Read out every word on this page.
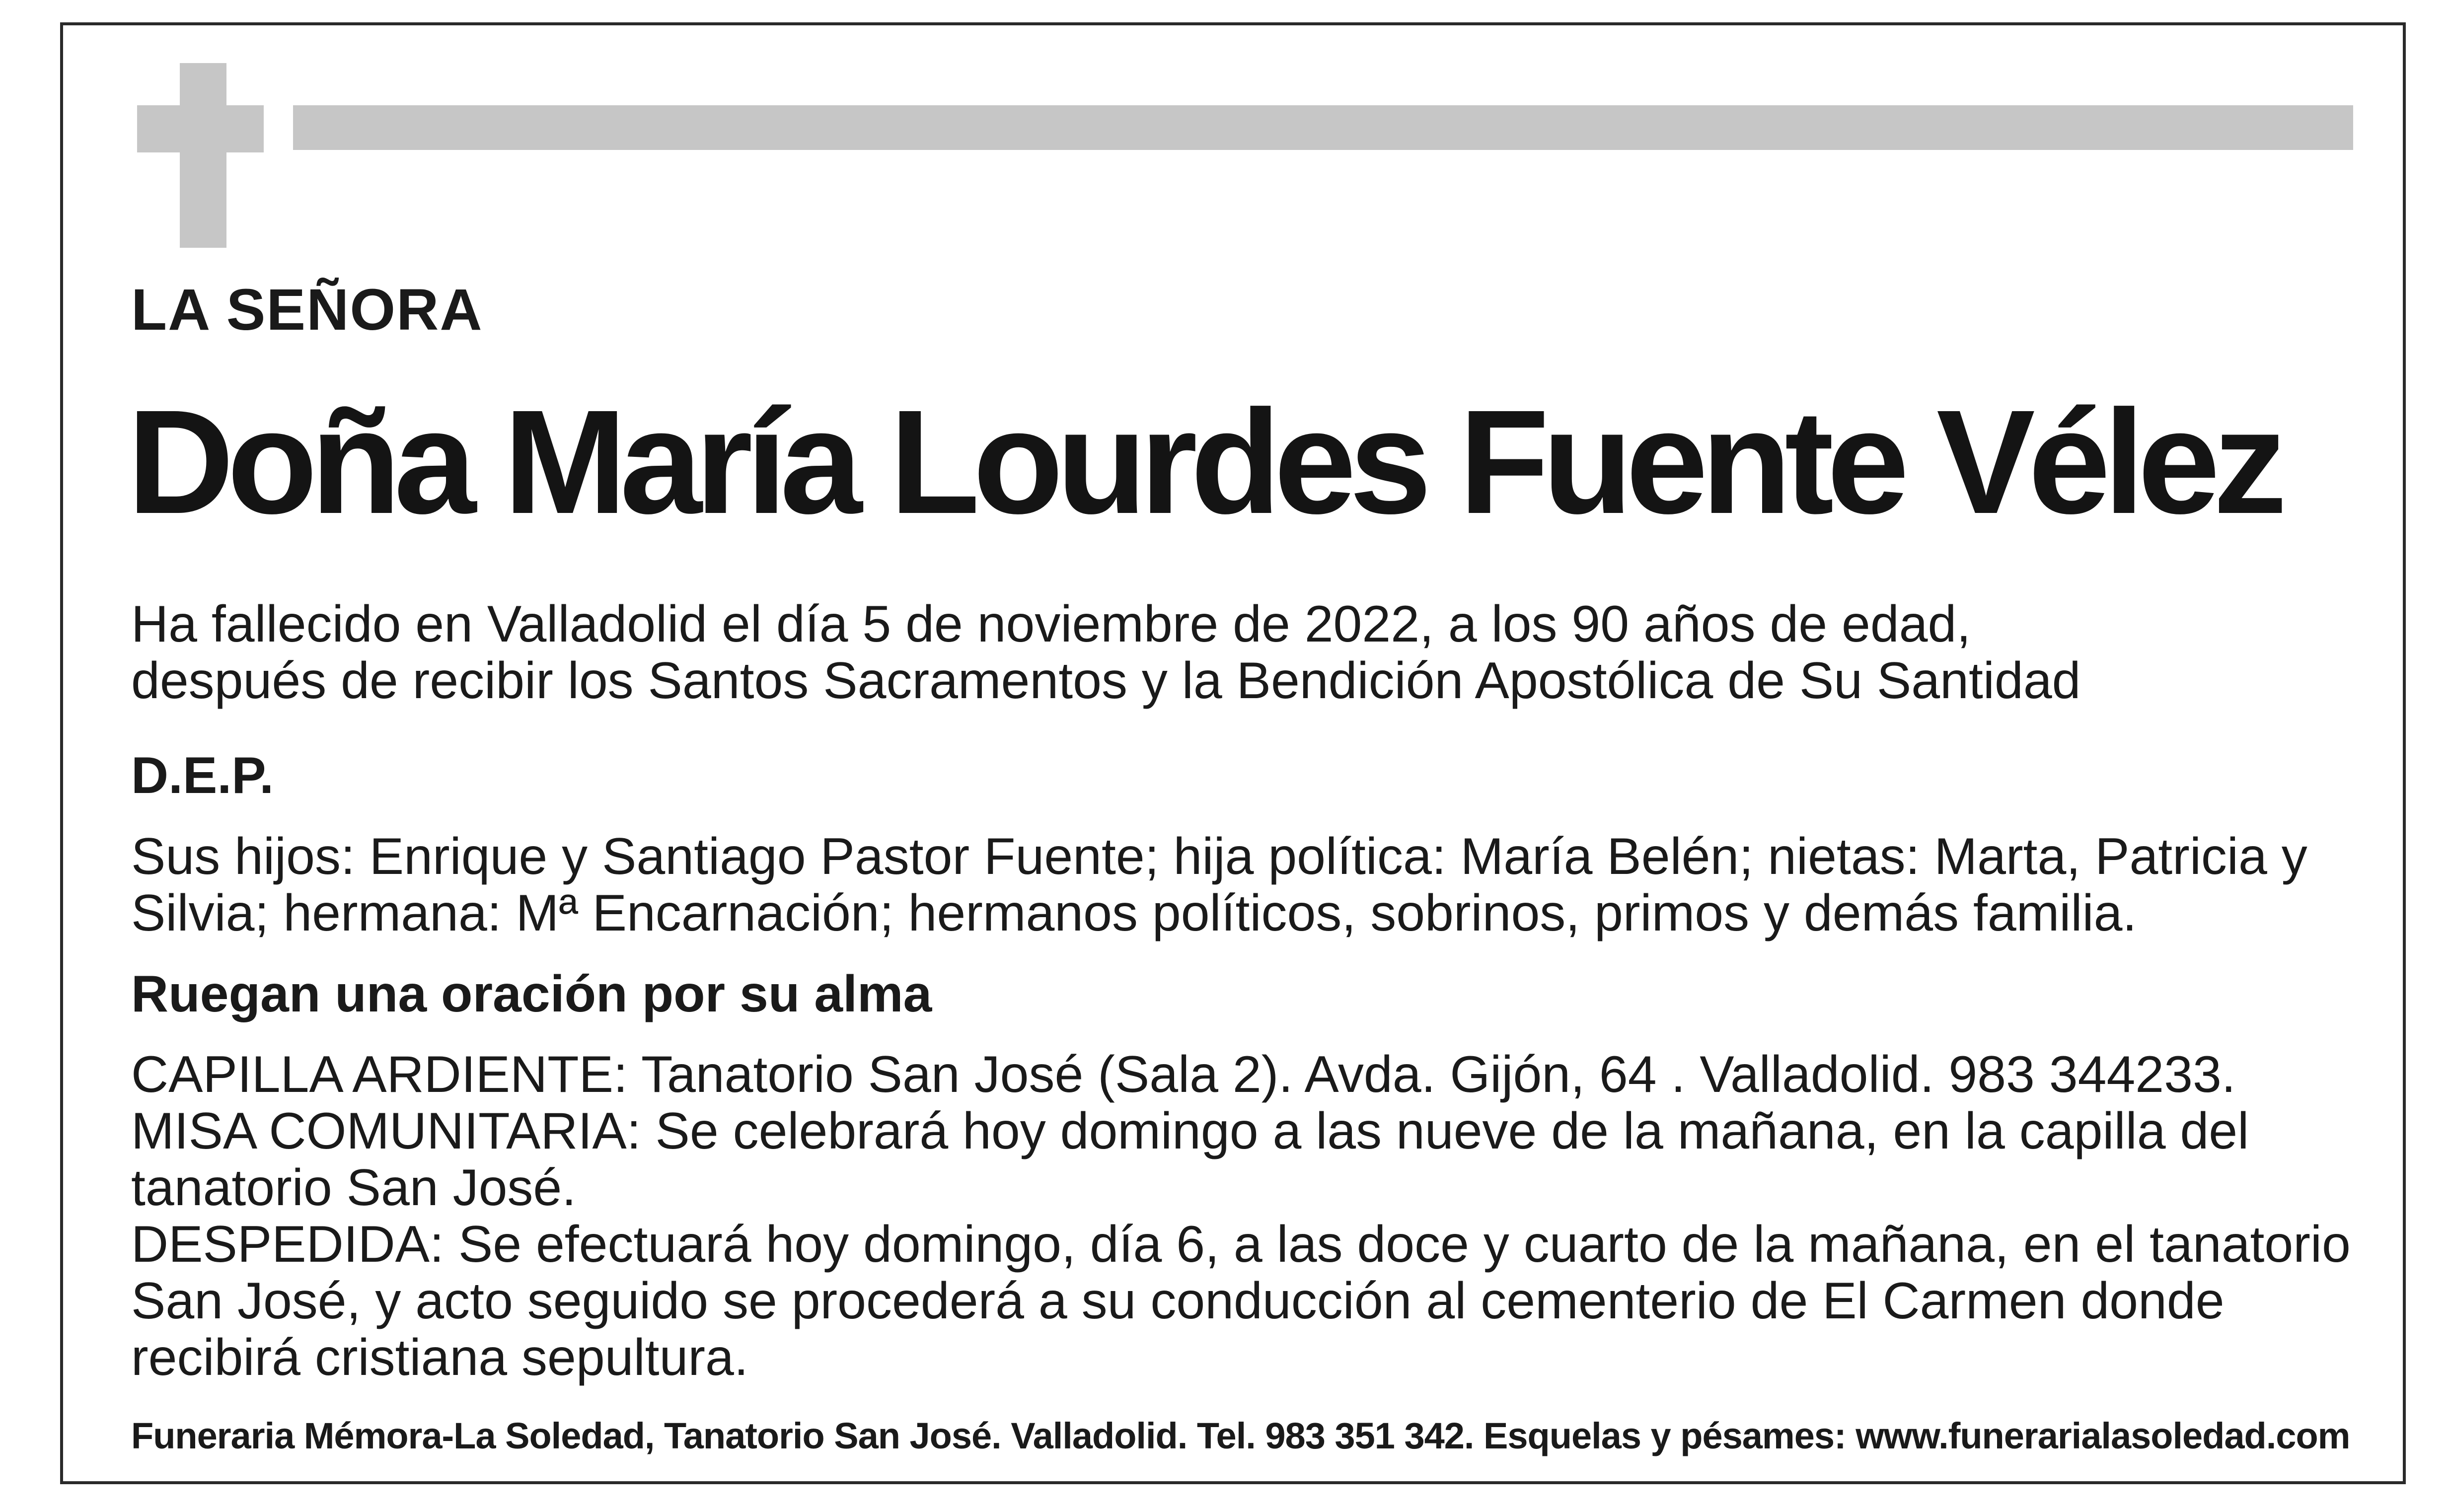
LA SEÑORA
Doña María Lourdes Fuente Vélez
Ha fallecido en Valladolid el día 5 de noviembre de 2022, a los 90 años de edad,
después de recibir los Santos Sacramentos y la Bendición Apostólica de Su Santidad
D.E.P.
Sus hijos: Enrique y Santiago Pastor Fuente; hija política: María Belén; nietas: Marta, Patricia y
Silvia; hermana: Mª Encarnación; hermanos políticos, sobrinos, primos y demás familia.
Ruegan una oración por su alma
CAPILLA ARDIENTE: Tanatorio San José (Sala 2). Avda. Gijón, 64 . Valladolid. 983 344233.
MISA COMUNITARIA: Se celebrará hoy domingo a las nueve de la mañana, en la capilla del
tanatorio San José.
DESPEDIDA: Se efectuará hoy domingo, día 6, a las doce y cuarto de la mañana, en el tanatorio
San José, y acto seguido se procederá a su conducción al cementerio de El Carmen donde
recibirá cristiana sepultura.
Funeraria Mémora-La Soledad, Tanatorio San José. Valladolid. Tel. 983 351 342. Esquelas y pésames: www.funerarialasoledad.com
